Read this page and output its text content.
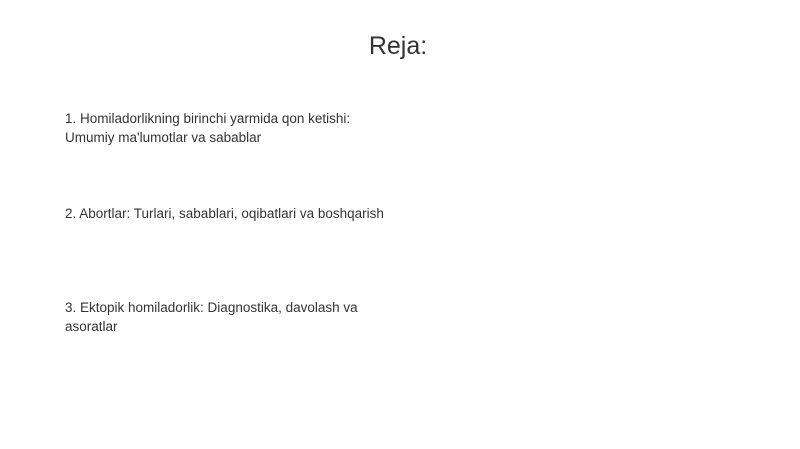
Reja:
1. Homiladorlikning birinchi yarmida qon ketishi:
Umumiy ma'lumotlar va sabablar
2. Abortlar: Turlari, sabablari, oqibatlari va boshqarish
3. Ektopik homiladorlik: Diagnostika, davolash va
asoratlar
